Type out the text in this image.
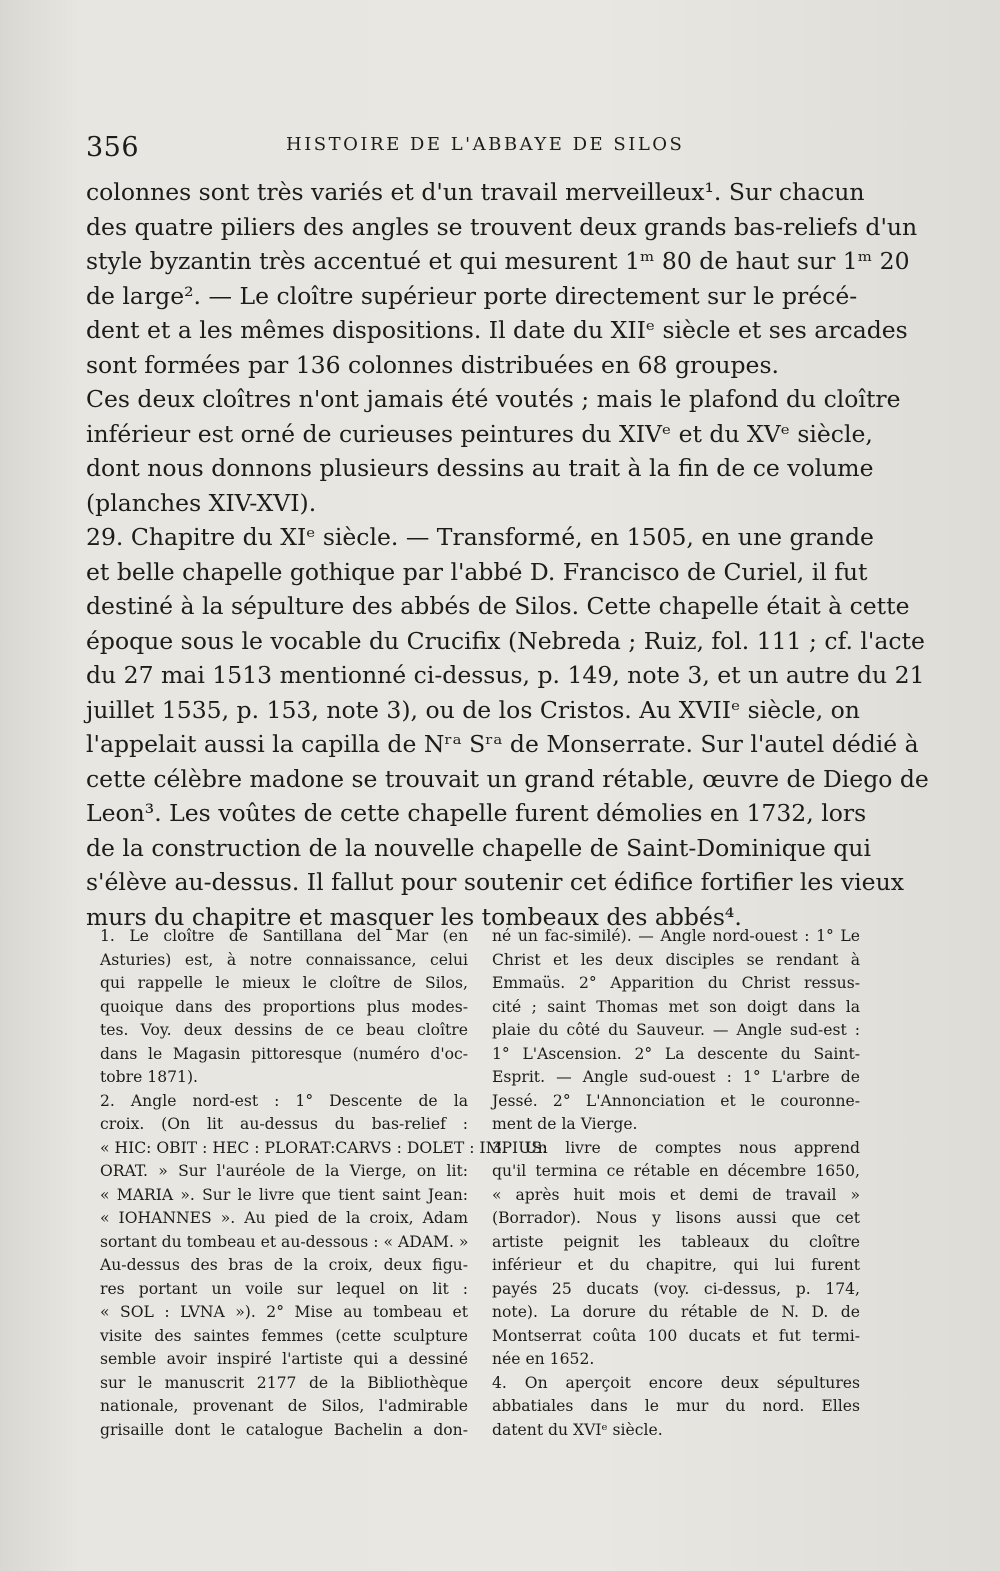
356	HISTOIRE DE L'ABBAYE DE SILOS
colonnes sont très variés et d'un travail merveilleux¹. Sur chacun
des quatre piliers des angles se trouvent deux grands bas-reliefs d'un
style byzantin très accentué et qui mesurent 1ᵐ 80 de haut sur 1ᵐ 20
de large². — Le cloître supérieur porte directement sur le précé-
dent et a les mêmes dispositions. Il date du XIIᵉ siècle et ses arcades
sont formées par 136 colonnes distribuées en 68 groupes.
Ces deux cloîtres n'ont jamais été voutés ; mais le plafond du cloître
inférieur est orné de curieuses peintures du XIVᵉ et du XVᵉ siècle,
dont nous donnons plusieurs dessins au trait à la fin de ce volume
(planches XIV-XVI).
29. Chapitre du XIᵉ siècle. — Transformé, en 1505, en une grande
et belle chapelle gothique par l'abbé D. Francisco de Curiel, il fut
destiné à la sépulture des abbés de Silos. Cette chapelle était à cette
époque sous le vocable du Crucifix (Nebreda ; Ruiz, fol. 111 ; cf. l'acte
du 27 mai 1513 mentionné ci-dessus, p. 149, note 3, et un autre du 21
juillet 1535, p. 153, note 3), ou de los Cristos. Au XVIIᵉ siècle, on
l'appelait aussi la capilla de Nʳᵃ Sʳᵃ de Monserrate. Sur l'autel dédié à
cette célèbre madone se trouvait un grand rétable, œuvre de Diego de
Leon³. Les voûtes de cette chapelle furent démolies en 1732, lors
de la construction de la nouvelle chapelle de Saint-Dominique qui
s'élève au-dessus. Il fallut pour soutenir cet édifice fortifier les vieux
murs du chapitre et masquer les tombeaux des abbés⁴.
1. Le cloître de Santillana del Mar (en
Asturies) est, à notre connaissance, celui
qui rappelle le mieux le cloître de Silos,
quoique dans des proportions plus modes-
tes. Voy. deux dessins de ce beau cloître
dans le Magasin pittoresque (numéro d'oc-
tobre 1871).
2. Angle nord-est : 1° Descente de la
croix. (On lit au-dessus du bas-relief :
« HIC: OBIT : HEC : PLORAT:CARVS : DOLET : IMPIUS:
ORAT. » Sur l'auréole de la Vierge, on lit:
« MARIA ». Sur le livre que tient saint Jean:
« IOHANNES ». Au pied de la croix, Adam
sortant du tombeau et au-dessous : « ADAM. »
Au-dessus des bras de la croix, deux figu-
res portant un voile sur lequel on lit :
« SOL : LVNA »). 2° Mise au tombeau et
visite des saintes femmes (cette sculpture
semble avoir inspiré l'artiste qui a dessiné
sur le manuscrit 2177 de la Bibliothèque
nationale, provenant de Silos, l'admirable
grisaille dont le catalogue Bachelin a don-
né un fac-similé). — Angle nord-ouest : 1° Le
Christ et les deux disciples se rendant à
Emmaüs. 2° Apparition du Christ ressus-
cité ; saint Thomas met son doigt dans la
plaie du côté du Sauveur. — Angle sud-est :
1° L'Ascension. 2° La descente du Saint-
Esprit. — Angle sud-ouest : 1° L'arbre de
Jessé. 2° L'Annonciation et le couronne-
ment de la Vierge.
3. Un livre de comptes nous apprend
qu'il termina ce rétable en décembre 1650,
« après huit mois et demi de travail »
(Borrador). Nous y lisons aussi que cet
artiste peignit les tableaux du cloître
inférieur et du chapitre, qui lui furent
payés 25 ducats (voy. ci-dessus, p. 174,
note). La dorure du rétable de N. D. de
Montserrat coûta 100 ducats et fut termi-
née en 1652.
4. On aperçoit encore deux sépultures
abbatiales dans le mur du nord. Elles
datent du XVIᵉ siècle.
